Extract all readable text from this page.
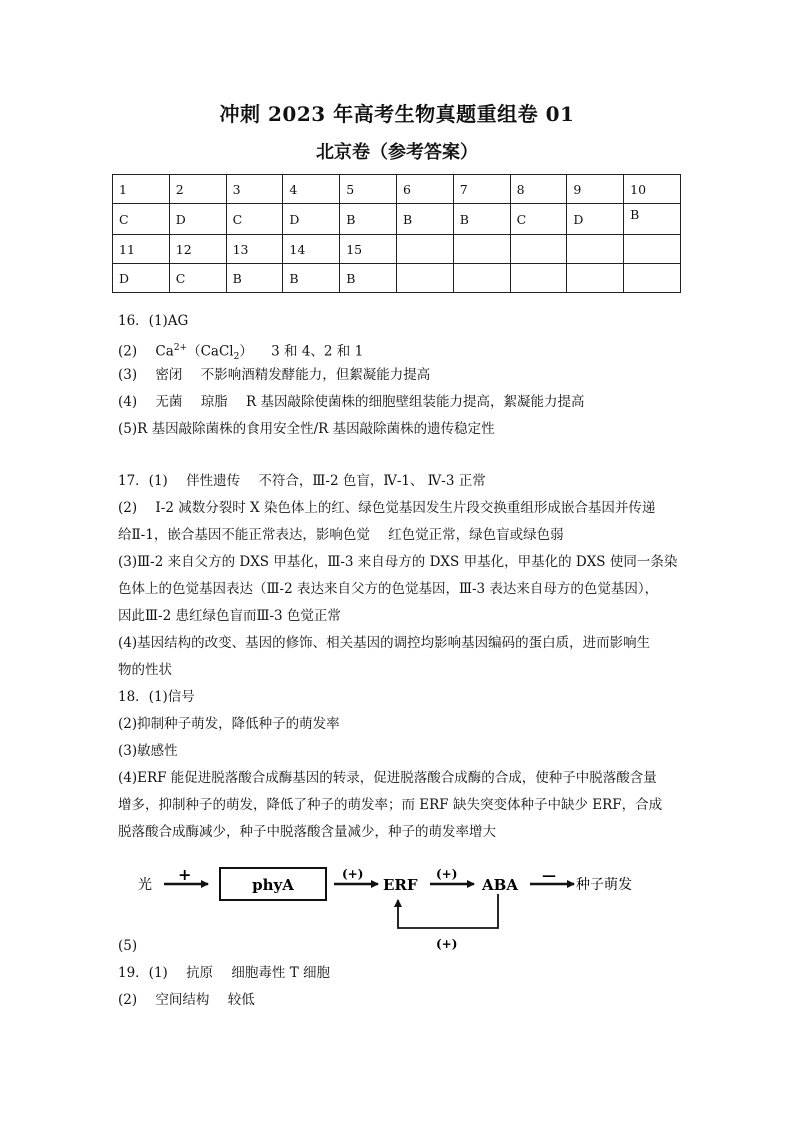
冲刺 2023 年高考生物真题重组卷 01
北京卷（参考答案）
1	2	3	4	5	6	7	8	9	10
C	D	C	D	B	B	B	C	D	B
11	12	13	14	15					
D	C	B	B	B					
16．(1)AG
(2) $Ca^{2+}(CaCl_2)$ 3 和 4、2 和 1
(3) 密闭 不影响酒精发酵能力，但絮凝能力提高
(4) 无菌 琼脂 R 基因敲除使菌株的细胞壁组装能力提高，絮凝能力提高
(5)R 基因敲除菌株的食用安全性/R 基因敲除菌株的遗传稳定性
17．(1) 伴性遗传 不符合，Ⅲ-2 色盲，Ⅳ-1、 Ⅳ-3 正常
(2) I-2 减数分裂时 X 染色体上的红、绿色觉基因发生片段交换重组形成嵌合基因并传递
给Ⅱ-1，嵌合基因不能正常表达，影响色觉 红色觉正常，绿色盲或绿色弱
(3)Ⅲ-2 来自父方的 DXS 甲基化，Ⅲ-3 来自母方的 DXS 甲基化，甲基化的 DXS 使同一条染
色体上的色觉基因表达（Ⅲ-2 表达来自父方的色觉基因，Ⅲ-3 表达来自母方的色觉基因），
因此Ⅲ-2 患红绿色盲而Ⅲ-3 色觉正常
(4)基因结构的改变、基因的修饰、相关基因的调控均影响基因编码的蛋白质，进而影响生
物的性状
18．(1)信号
(2)抑制种子萌发，降低种子的萌发率
(3)敏感性
(4)ERF 能促进脱落酸合成酶基因的转录，促进脱落酸合成酶的合成，使种子中脱落酸含量
增多，抑制种子的萌发，降低了种子的萌发率；而 ERF 缺失突变体种子中缺少 ERF，合成
脱落酸合成酶减少，种子中脱落酸含量减少，种子的萌发率增大
光
+
phyA
(+)
ERF
(+)
ABA —
种子萌发
(+)
(5)
19．(1) 抗原 细胞毒性 T 细胞
(2) 空间结构 较低
